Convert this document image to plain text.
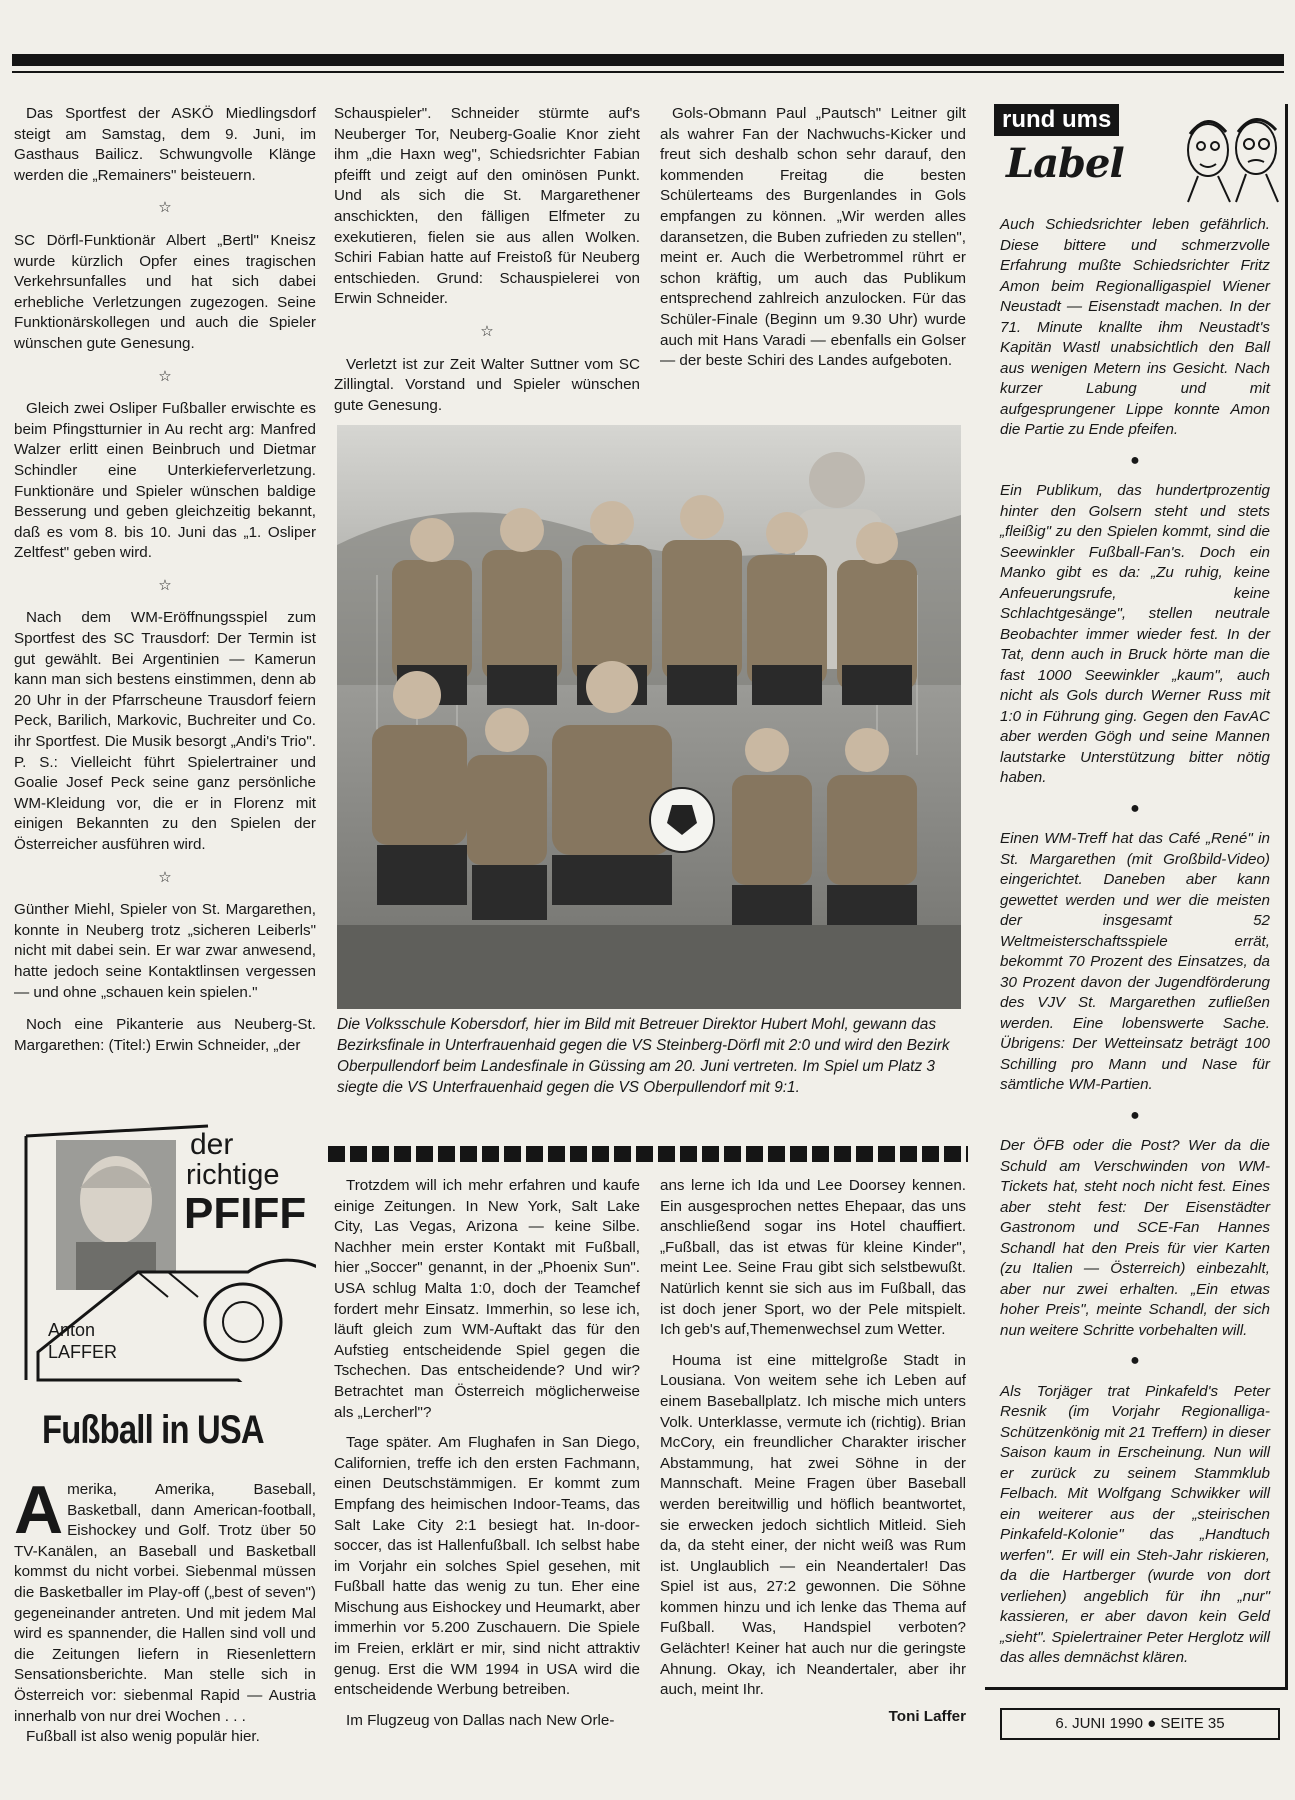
Das Sportfest der ASKÖ Miedlingsdorf steigt am Samstag, dem 9. Juni, im Gasthaus Bailicz. Schwungvolle Klänge werden die „Remainers" beisteuern.

☆

SC Dörfl-Funktionär Albert „Bertl" Kneisz wurde kürzlich Opfer eines tragischen Verkehrsunfalles und hat sich dabei erhebliche Verletzungen zugezogen. Seine Funktionärskollegen und auch die Spieler wünschen gute Genesung.

☆

Gleich zwei Osliper Fußballer erwischte es beim Pfingstturnier in Au recht arg: Manfred Walzer erlitt einen Beinbruch und Dietmar Schindler eine Unterkieferverletzung. Funktionäre und Spieler wünschen baldige Besserung und geben gleichzeitig bekannt, daß es vom 8. bis 10. Juni das „1. Osliper Zeltfest" geben wird.

☆

Nach dem WM-Eröffnungsspiel zum Sportfest des SC Trausdorf: Der Termin ist gut gewählt. Bei Argentinien — Kamerun kann man sich bestens einstimmen, denn ab 20 Uhr in der Pfarrscheune Trausdorf feiern Peck, Barilich, Markovic, Buchreiter und Co. ihr Sportfest. Die Musik besorgt „Andi's Trio". P. S.: Vielleicht führt Spielertrainer und Goalie Josef Peck seine ganz persönliche WM-Kleidung vor, die er in Florenz mit einigen Bekannten zu den Spielen der Österreicher ausführen wird.

☆

Günther Miehl, Spieler von St. Margarethen, konnte in Neuberg trotz „sicheren Leiberls" nicht mit dabei sein. Er war zwar anwesend, hatte jedoch seine Kontaktlinsen vergessen — und ohne „schauen kein spielen."

Noch eine Pikanterie aus Neuberg-St. Margarethen: (Titel:) Erwin Schneider, „der

Schauspieler". Schneider stürmte auf's Neuberger Tor, Neuberg-Goalie Knor zieht ihm „die Haxn weg", Schiedsrichter Fabian pfeifft und zeigt auf den ominösen Punkt. Und als sich die St. Margarethener anschickten, den fälligen Elfmeter zu exekutieren, fielen sie aus allen Wolken. Schiri Fabian hatte auf Freistoß für Neuberg entschieden. Grund: Schauspielerei von Erwin Schneider.

☆

Verletzt ist zur Zeit Walter Suttner vom SC Zillingtal. Vorstand und Spieler wünschen gute Genesung.

Gols-Obmann Paul „Pautsch" Leitner gilt als wahrer Fan der Nachwuchs-Kicker und freut sich deshalb schon sehr darauf, den kommenden Freitag die besten Schülerteams des Burgenlandes in Gols empfangen zu können. „Wir werden alles daransetzen, die Buben zufrieden zu stellen", meint er. Auch die Werbetrommel rührt er schon kräftig, um auch das Publikum entsprechend zahlreich anzulocken. Für das Schüler-Finale (Beginn um 9.30 Uhr) wurde auch mit Hans Varadi — ebenfalls ein Golser — der beste Schiri des Landes aufgeboten.

rund ums
Label

Auch Schiedsrichter leben gefährlich. Diese bittere und schmerzvolle Erfahrung mußte Schiedsrichter Fritz Amon beim Regionalligaspiel Wiener Neustadt — Eisenstadt machen. In der 71. Minute knallte ihm Neustadt's Kapitän Wastl unabsichtlich den Ball aus wenigen Metern ins Gesicht. Nach kurzer Labung und mit aufgesprungener Lippe konnte Amon die Partie zu Ende pfeifen.

●

Ein Publikum, das hundertprozentig hinter den Golsern steht und stets „fleißig" zu den Spielen kommt, sind die Seewinkler Fußball-Fan's. Doch ein Manko gibt es da: „Zu ruhig, keine Anfeuerungsrufe, keine Schlachtgesänge", stellen neutrale Beobachter immer wieder fest. In der Tat, denn auch in Bruck hörte man die fast 1000 Seewinkler „kaum", auch nicht als Gols durch Werner Russ mit 1:0 in Führung ging. Gegen den FavAC aber werden Gögh und seine Mannen lautstarke Unterstützung bitter nötig haben.

●

Einen WM-Treff hat das Café „René" in St. Margarethen (mit Großbild-Video) eingerichtet. Daneben aber kann gewettet werden und wer die meisten der insgesamt 52 Weltmeisterschaftsspiele errät, bekommt 70 Prozent des Einsatzes, da 30 Prozent davon der Jugendförderung des VJV St. Margarethen zufließen werden. Eine lobenswerte Sache. Übrigens: Der Wetteinsatz beträgt 100 Schilling pro Mann und Nase für sämtliche WM-Partien.

●

Der ÖFB oder die Post? Wer da die Schuld am Verschwinden von WM-Tickets hat, steht noch nicht fest. Eines aber steht fest: Der Eisenstädter Gastronom und SCE-Fan Hannes Schandl hat den Preis für vier Karten (zu Italien — Österreich) einbezahlt, aber nur zwei erhalten. „Ein etwas hoher Preis", meinte Schandl, der sich nun weitere Schritte vorbehalten will.

●

Als Torjäger trat Pinkafeld's Peter Resnik (im Vorjahr Regionalliga-Schützenkönig mit 21 Treffern) in dieser Saison kaum in Erscheinung. Nun will er zurück zu seinem Stammklub Felbach. Mit Wolfgang Schwikker will ein weiterer aus der „steirischen Pinkafeld-Kolonie" das „Handtuch werfen". Er will ein Steh-Jahr riskieren, da die Hartberger (wurde von dort verliehen) angeblich für ihn „nur" kassieren, er aber davon kein Geld „sieht". Spielertrainer Peter Herglotz will das alles demnächst klären.

Die Volksschule Kobersdorf, hier im Bild mit Betreuer Direktor Hubert Mohl, gewann das Bezirksfinale in Unterfrauenhaid gegen die VS Steinberg-Dörfl mit 2:0 und wird den Bezirk Oberpullendorf beim Landesfinale in Güssing am 20. Juni vertreten. Im Spiel um Platz 3 siegte die VS Unterfrauenhaid gegen die VS Oberpullendorf mit 9:1.
der
richtige
PFIFF
Anton
LAFFER
Fußball in USA

Amerika, Amerika, Baseball, Basketball, dann American-football, Eishockey und Golf. Trotz über 50 TV-Kanälen, an Baseball und Basketball kommst du nicht vorbei. Siebenmal müssen die Basketballer im Play-off („best of seven") gegeneinander antreten. Und mit jedem Mal wird es spannender, die Hallen sind voll und die Zeitungen liefern in Riesenlettern Sensationsberichte. Man stelle sich in Österreich vor: siebenmal Rapid — Austria innerhalb von nur drei Wochen . . .

Fußball ist also wenig populär hier.

Trotzdem will ich mehr erfahren und kaufe einige Zeitungen. In New York, Salt Lake City, Las Vegas, Arizona — keine Silbe. Nachher mein erster Kontakt mit Fußball, hier „Soccer" genannt, in der „Phoenix Sun". USA schlug Malta 1:0, doch der Teamchef fordert mehr Einsatz. Immerhin, so lese ich, läuft gleich zum WM-Auftakt das für den Aufstieg entscheidende Spiel gegen die Tschechen. Das entscheidende? Und wir? Betrachtet man Österreich möglicherweise als „Lercherl"?

Tage später. Am Flughafen in San Diego, Californien, treffe ich den ersten Fachmann, einen Deutschstämmigen. Er kommt zum Empfang des heimischen Indoor-Teams, das Salt Lake City 2:1 besiegt hat. In-door-soccer, das ist Hallenfußball. Ich selbst habe im Vorjahr ein solches Spiel gesehen, mit Fußball hatte das wenig zu tun. Eher eine Mischung aus Eishockey und Heumarkt, aber immerhin vor 5.200 Zuschauern. Die Spiele im Freien, erklärt er mir, sind nicht attraktiv genug. Erst die WM 1994 in USA wird die entscheidende Werbung betreiben.

Im Flugzeug von Dallas nach New Orle-

ans lerne ich Ida und Lee Doorsey kennen. Ein ausgesprochen nettes Ehepaar, das uns anschließend sogar ins Hotel chauffiert. „Fußball, das ist etwas für kleine Kinder", meint Lee. Seine Frau gibt sich selstbewußt. Natürlich kennt sie sich aus im Fußball, das ist doch jener Sport, wo der Pele mitspielt. Ich geb's auf,Themenwechsel zum Wetter.

Houma ist eine mittelgroße Stadt in Lousiana. Von weitem sehe ich Leben auf einem Baseballplatz. Ich mische mich unters Volk. Unterklasse, vermute ich (richtig). Brian McCory, ein freundlicher Charakter irischer Abstammung, hat zwei Söhne in der Mannschaft. Meine Fragen über Baseball werden bereitwillig und höflich beantwortet, sie erwecken jedoch sichtlich Mitleid. Sieh da, da steht einer, der nicht weiß was Rum ist. Unglaublich — ein Neandertaler! Das Spiel ist aus, 27:2 gewonnen. Die Söhne kommen hinzu und ich lenke das Thema auf Fußball. Was, Handspiel verboten? Gelächter! Keiner hat auch nur die geringste Ahnung. Okay, ich Neandertaler, aber ihr auch, meint Ihr.

Toni Laffer	6. JUNI 1990 ● SEITE 35
